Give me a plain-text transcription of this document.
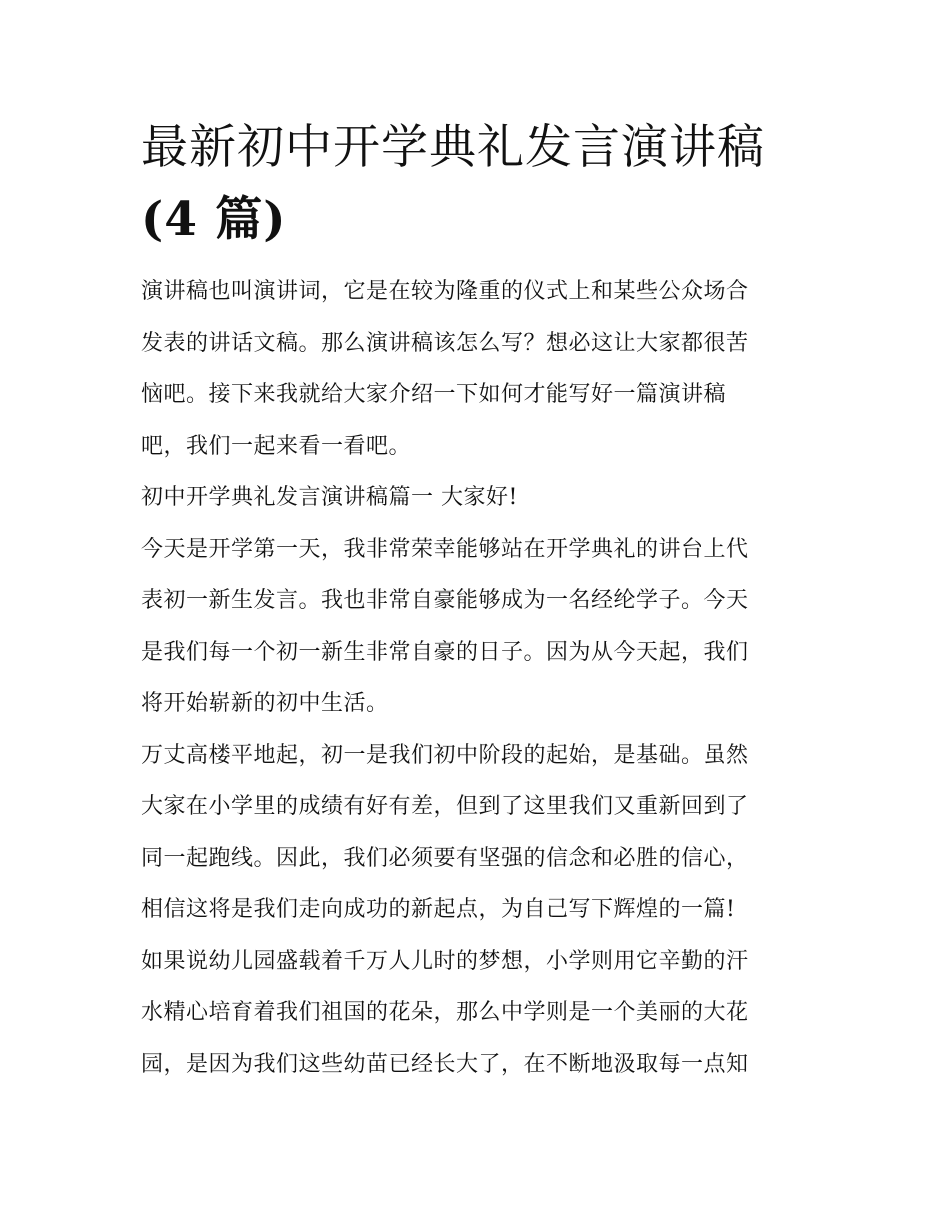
最新初中开学典礼发言演讲稿
(4 篇)

演讲稿也叫演讲词，它是在较为隆重的仪式上和某些公众场合
发表的讲话文稿。那么演讲稿该怎么写？想必这让大家都很苦
恼吧。接下来我就给大家介绍一下如何才能写好一篇演讲稿
吧，我们一起来看一看吧。

初中开学典礼发言演讲稿篇一 大家好!

今天是开学第一天，我非常荣幸能够站在开学典礼的讲台上代
表初一新生发言。我也非常自豪能够成为一名经纶学子。今天
是我们每一个初一新生非常自豪的日子。因为从今天起，我们
将开始崭新的初中生活。

万丈高楼平地起，初一是我们初中阶段的起始，是基础。虽然
大家在小学里的成绩有好有差，但到了这里我们又重新回到了
同一起跑线。因此，我们必须要有坚强的信念和必胜的信心，
相信这将是我们走向成功的新起点，为自己写下辉煌的一篇!

如果说幼儿园盛载着千万人儿时的梦想，小学则用它辛勤的汗
水精心培育着我们祖国的花朵，那么中学则是一个美丽的大花
园，是因为我们这些幼苗已经长大了，在不断地汲取每一点知
